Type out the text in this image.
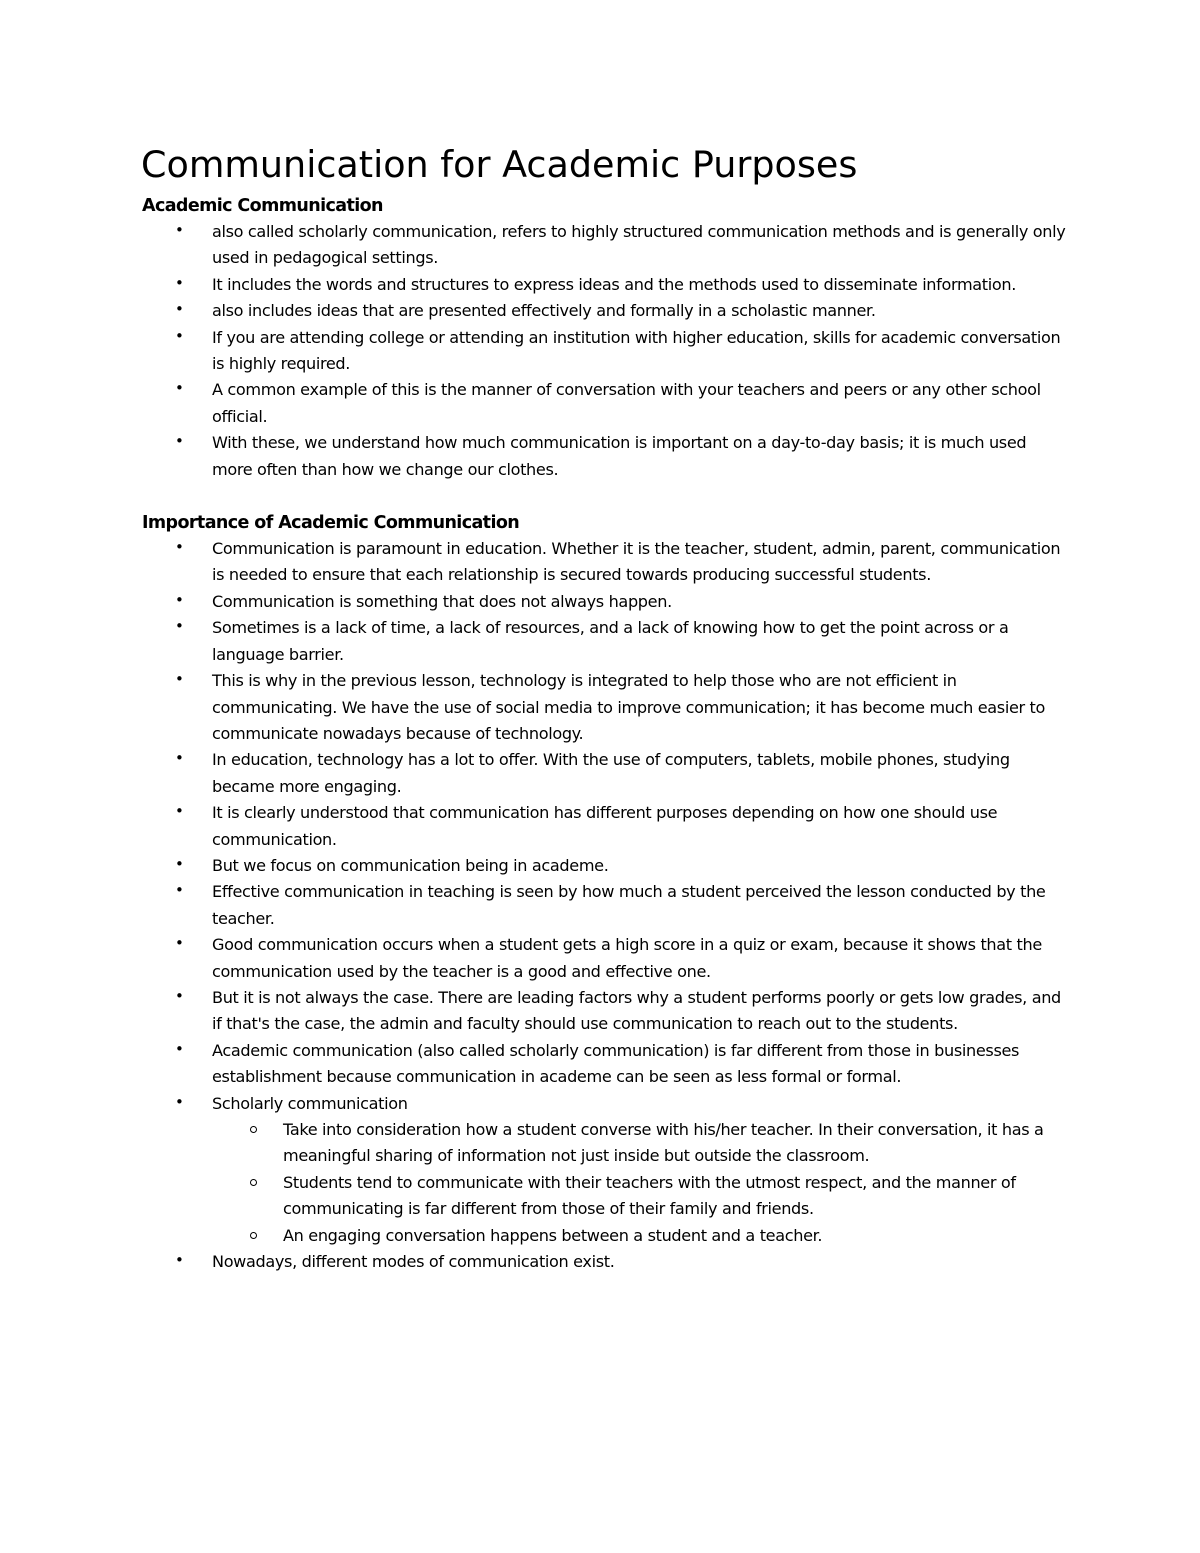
Communication for Academic Purposes
Academic Communication
• also called scholarly communication, refers to highly structured communication methods and is generally only used in pedagogical settings.
• It includes the words and structures to express ideas and the methods used to disseminate information.
• also includes ideas that are presented effectively and formally in a scholastic manner.
• If you are attending college or attending an institution with higher education, skills for academic conversation is highly required.
• A common example of this is the manner of conversation with your teachers and peers or any other school official.
• With these, we understand how much communication is important on a day-to-day basis; it is much used more often than how we change our clothes.
Importance of Academic Communication
• Communication is paramount in education. Whether it is the teacher, student, admin, parent, communication is needed to ensure that each relationship is secured towards producing successful students.
• Communication is something that does not always happen.
• Sometimes is a lack of time, a lack of resources, and a lack of knowing how to get the point across or a language barrier.
• This is why in the previous lesson, technology is integrated to help those who are not efficient in communicating. We have the use of social media to improve communication; it has become much easier to communicate nowadays because of technology.
• In education, technology has a lot to offer. With the use of computers, tablets, mobile phones, studying became more engaging.
• It is clearly understood that communication has different purposes depending on how one should use communication.
• But we focus on communication being in academe.
• Effective communication in teaching is seen by how much a student perceived the lesson conducted by the teacher.
• Good communication occurs when a student gets a high score in a quiz or exam, because it shows that the communication used by the teacher is a good and effective one.
• But it is not always the case. There are leading factors why a student performs poorly or gets low grades, and if that's the case, the admin and faculty should use communication to reach out to the students.
• Academic communication (also called scholarly communication) is far different from those in businesses establishment because communication in academe can be seen as less formal or formal.
• Scholarly communication
Take into consideration how a student converse with his/her teacher. In their conversation, it has a meaningful sharing of information not just inside but outside the classroom.
Students tend to communicate with their teachers with the utmost respect, and the manner of communicating is far different from those of their family and friends.
An engaging conversation happens between a student and a teacher.
• Nowadays, different modes of communication exist.
